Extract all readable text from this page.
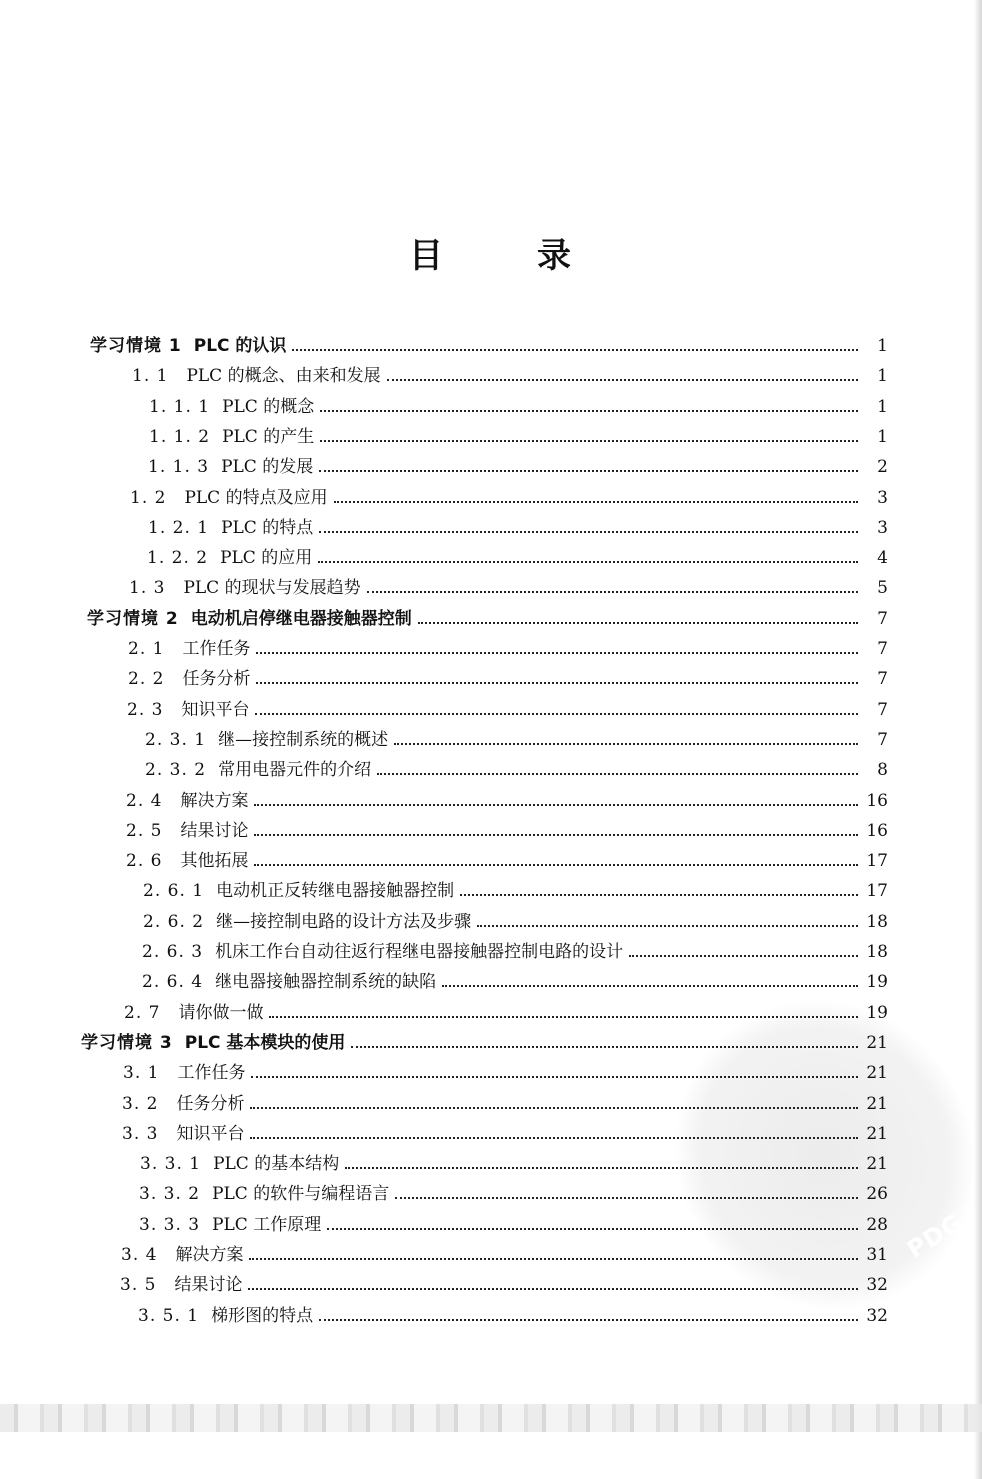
PDG
目	录
学习情境 1 PLC 的认识	1
1. 1 PLC 的概念、由来和发展	1
1. 1. 1 PLC 的概念	1
1. 1. 2 PLC 的产生	1
1. 1. 3 PLC 的发展	2
1. 2 PLC 的特点及应用	3
1. 2. 1 PLC 的特点	3
1. 2. 2 PLC 的应用	4
1. 3 PLC 的现状与发展趋势	5
学习情境 2 电动机启停继电器接触器控制	7
2. 1 工作任务	7
2. 2 任务分析	7
2. 3 知识平台	7
2. 3. 1 继—接控制系统的概述	7
2. 3. 2 常用电器元件的介绍	8
2. 4 解决方案	16
2. 5 结果讨论	16
2. 6 其他拓展	17
2. 6. 1 电动机正反转继电器接触器控制	17
2. 6. 2 继—接控制电路的设计方法及步骤	18
2. 6. 3 机床工作台自动往返行程继电器接触器控制电路的设计	18
2. 6. 4 继电器接触器控制系统的缺陷	19
2. 7 请你做一做	19
学习情境 3 PLC 基本模块的使用	21
3. 1 工作任务	21
3. 2 任务分析	21
3. 3 知识平台	21
3. 3. 1 PLC 的基本结构	21
3. 3. 2 PLC 的软件与编程语言	26
3. 3. 3 PLC 工作原理	28
3. 4 解决方案	31
3. 5 结果讨论	32
3. 5. 1 梯形图的特点	32
